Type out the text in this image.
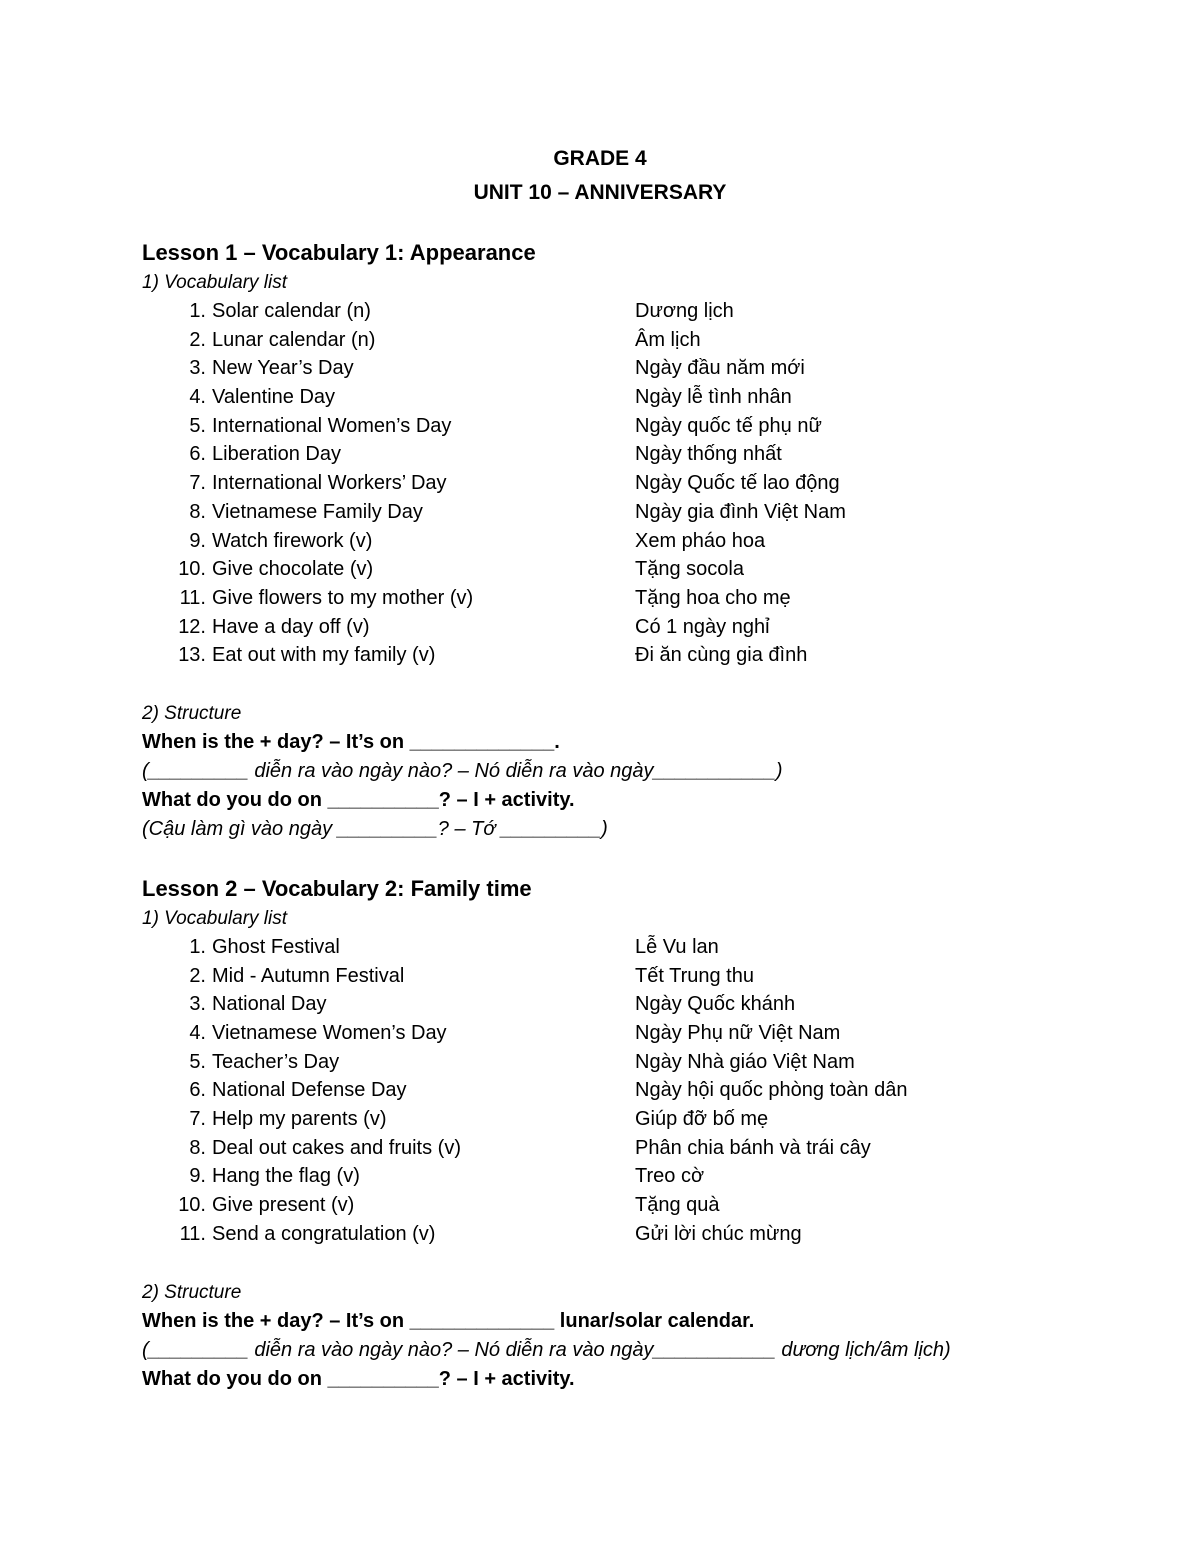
GRADE 4

UNIT 10 – ANNIVERSARY

Lesson 1 – Vocabulary 1: Appearance

1) Vocabulary list

1. Solar calendar (n)	Dương lịch
2. Lunar calendar (n)	Âm lịch
3. New Year’s Day	Ngày đầu năm mới
4. Valentine Day	Ngày lễ tình nhân
5. International Women’s Day	Ngày quốc tế phụ nữ
6. Liberation Day	Ngày thống nhất
7. International Workers’ Day	Ngày Quốc tế lao động
8. Vietnamese Family Day	Ngày gia đình Việt Nam
9. Watch firework (v)	Xem pháo hoa
10. Give chocolate (v)	Tặng socola
11. Give flowers to my mother (v)	Tặng hoa cho mẹ
12. Have a day off (v)	Có 1 ngày nghỉ
13. Eat out with my family (v)	Đi ăn cùng gia đình

2) Structure

When is the + day? – It’s on _____________.

(_________ diễn ra vào ngày nào? – Nó diễn ra vào ngày___________)

What do you do on __________? – I + activity.

(Cậu làm gì vào ngày _________? – Tớ _________)

Lesson 2 – Vocabulary 2: Family time

1) Vocabulary list

1. Ghost Festival	Lễ Vu lan
2. Mid - Autumn Festival	Tết Trung thu
3. National Day	Ngày Quốc khánh
4. Vietnamese Women’s Day	Ngày Phụ nữ Việt Nam
5. Teacher’s Day	Ngày Nhà giáo Việt Nam
6. National Defense Day	Ngày hội quốc phòng toàn dân
7. Help my parents (v)	Giúp đỡ bố mẹ
8. Deal out cakes and fruits (v)	Phân chia bánh và trái cây
9. Hang the flag (v)	Treo cờ
10. Give present (v)	Tặng quà
11. Send a congratulation (v)	Gửi lời chúc mừng

2) Structure

When is the + day? – It’s on _____________ lunar/solar calendar.

(_________ diễn ra vào ngày nào? – Nó diễn ra vào ngày___________ dương lịch/âm lịch)

What do you do on __________? – I + activity.
